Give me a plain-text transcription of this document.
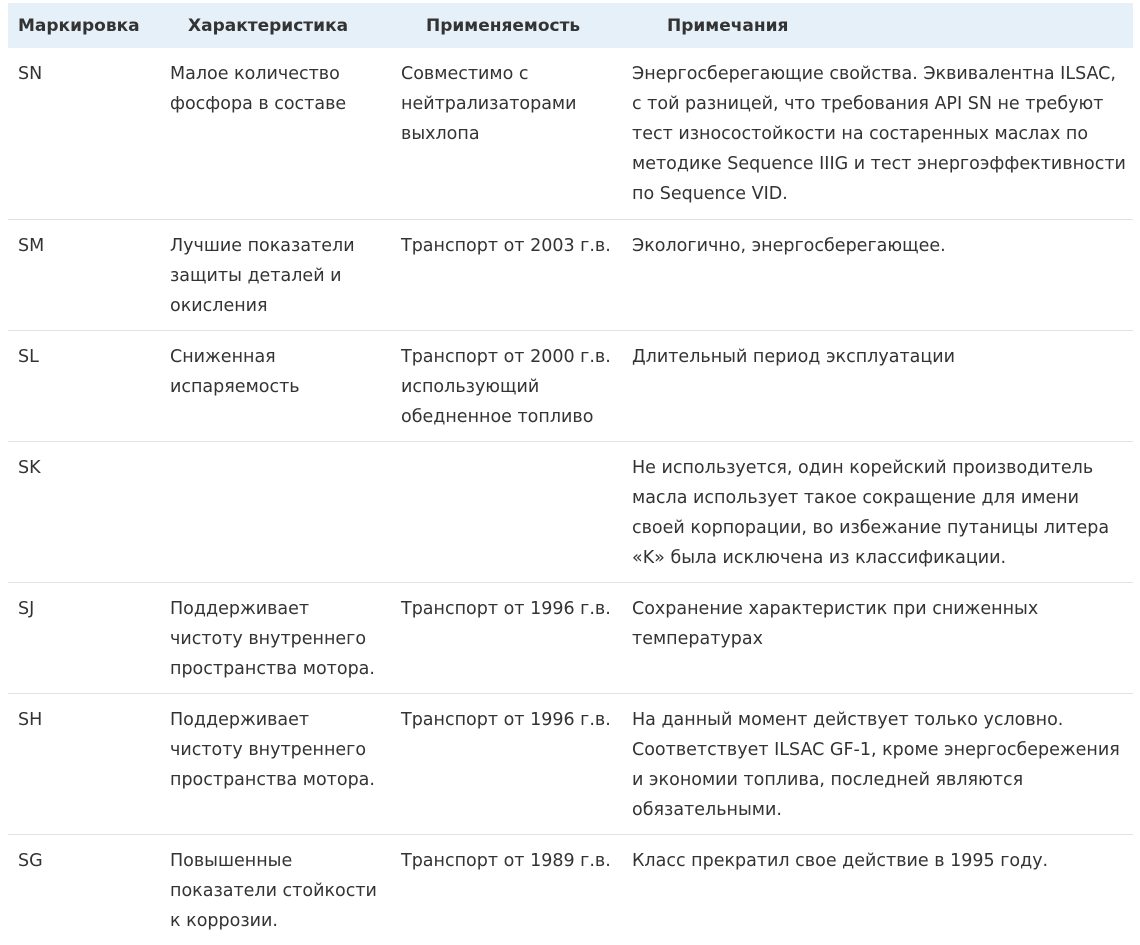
Маркировка	Характеристика	Применяемость	Примечания
SN	Малое количество фосфора в составе	Совместимо с нейтрализаторами выхлопа	Энергосберегающие свойства. Эквивалентна ILSAC, с той разницей, что требования API SN не требуют тест износостойкости на состаренных маслах по методике Sequence IIIG и тест энергоэффективности по Sequence VID.
SM	Лучшие показатели защиты деталей и окисления	Транспорт от 2003 г.в.	Экологично, энергосберегающее.
SL	Сниженная испаряемость	Транспорт от 2000 г.в. использующий обедненное топливо	Длительный период эксплуатации
SK			Не используется, один корейский производитель масла использует такое сокращение для имени своей корпорации, во избежание путаницы литера «K» была исключена из классификации.
SJ	Поддерживает чистоту внутреннего пространства мотора.	Транспорт от 1996 г.в.	Сохранение характеристик при сниженных температурах
SH	Поддерживает чистоту внутреннего пространства мотора.	Транспорт от 1996 г.в.	На данный момент действует только условно. Соответствует ILSAC GF-1, кроме энергосбережения и экономии топлива, последней являются обязательными.
SG	Повышенные показатели стойкости к коррозии.	Транспорт от 1989 г.в.	Класс прекратил свое действие в 1995 году.
